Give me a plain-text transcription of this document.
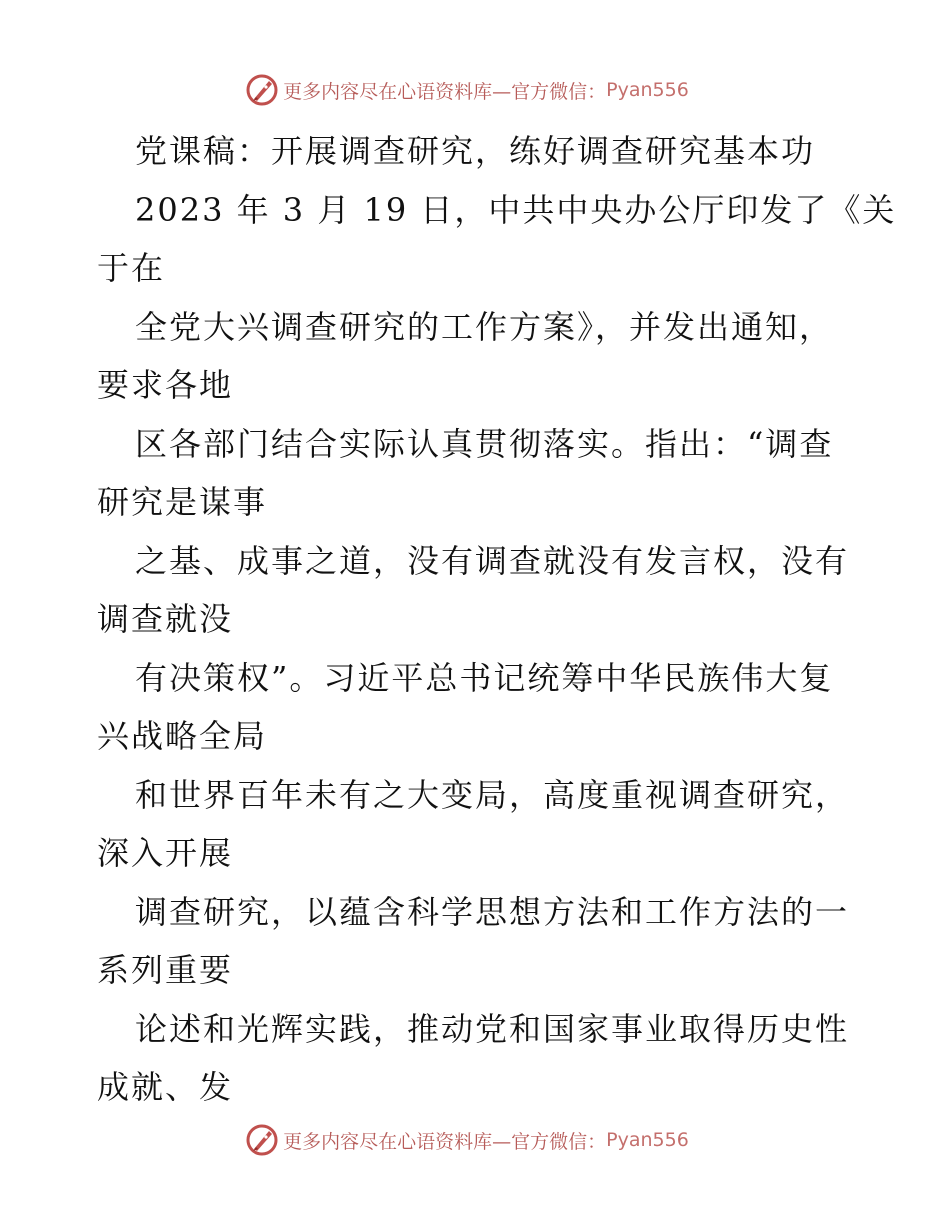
更多内容尽在心语资料库—官方微信： Pyan556
党课稿：开展调查研究，练好调查研究基本功
2023 年 3 月 19 日，中共中央办公厅印发了《关
于在
全党大兴调查研究的工作方案》，并发出通知，
要求各地
区各部门结合实际认真贯彻落实。指出：“调查
研究是谋事
之基、成事之道，没有调查就没有发言权，没有
调查就没
有决策权”。习近平总书记统筹中华民族伟大复
兴战略全局
和世界百年未有之大变局，高度重视调查研究，
深入开展
调查研究，以蕴含科学思想方法和工作方法的一
系列重要
论述和光辉实践，推动党和国家事业取得历史性
成就、发
更多内容尽在心语资料库—官方微信： Pyan556
